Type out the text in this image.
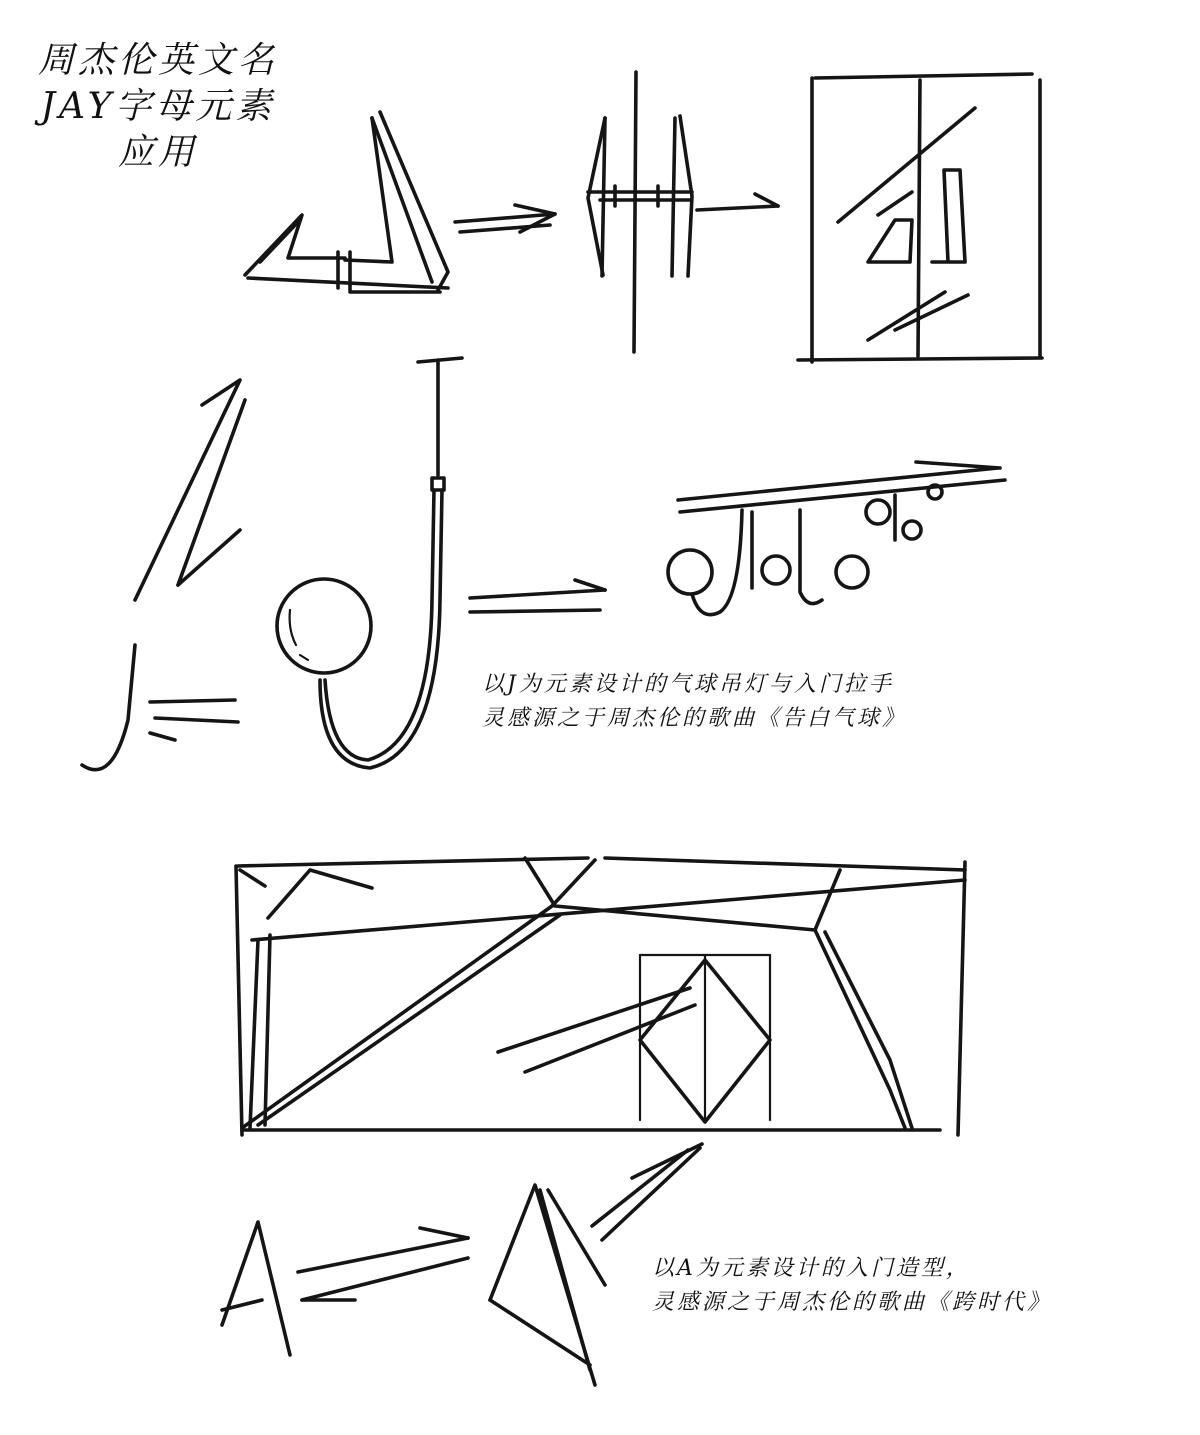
周杰伦英文名
JAY字母元素
应用
以J为元素设计的气球吊灯与入门拉手
灵感源之于周杰伦的歌曲《告白气球》
以A为元素设计的入门造型，
灵感源之于周杰伦的歌曲《跨时代》
